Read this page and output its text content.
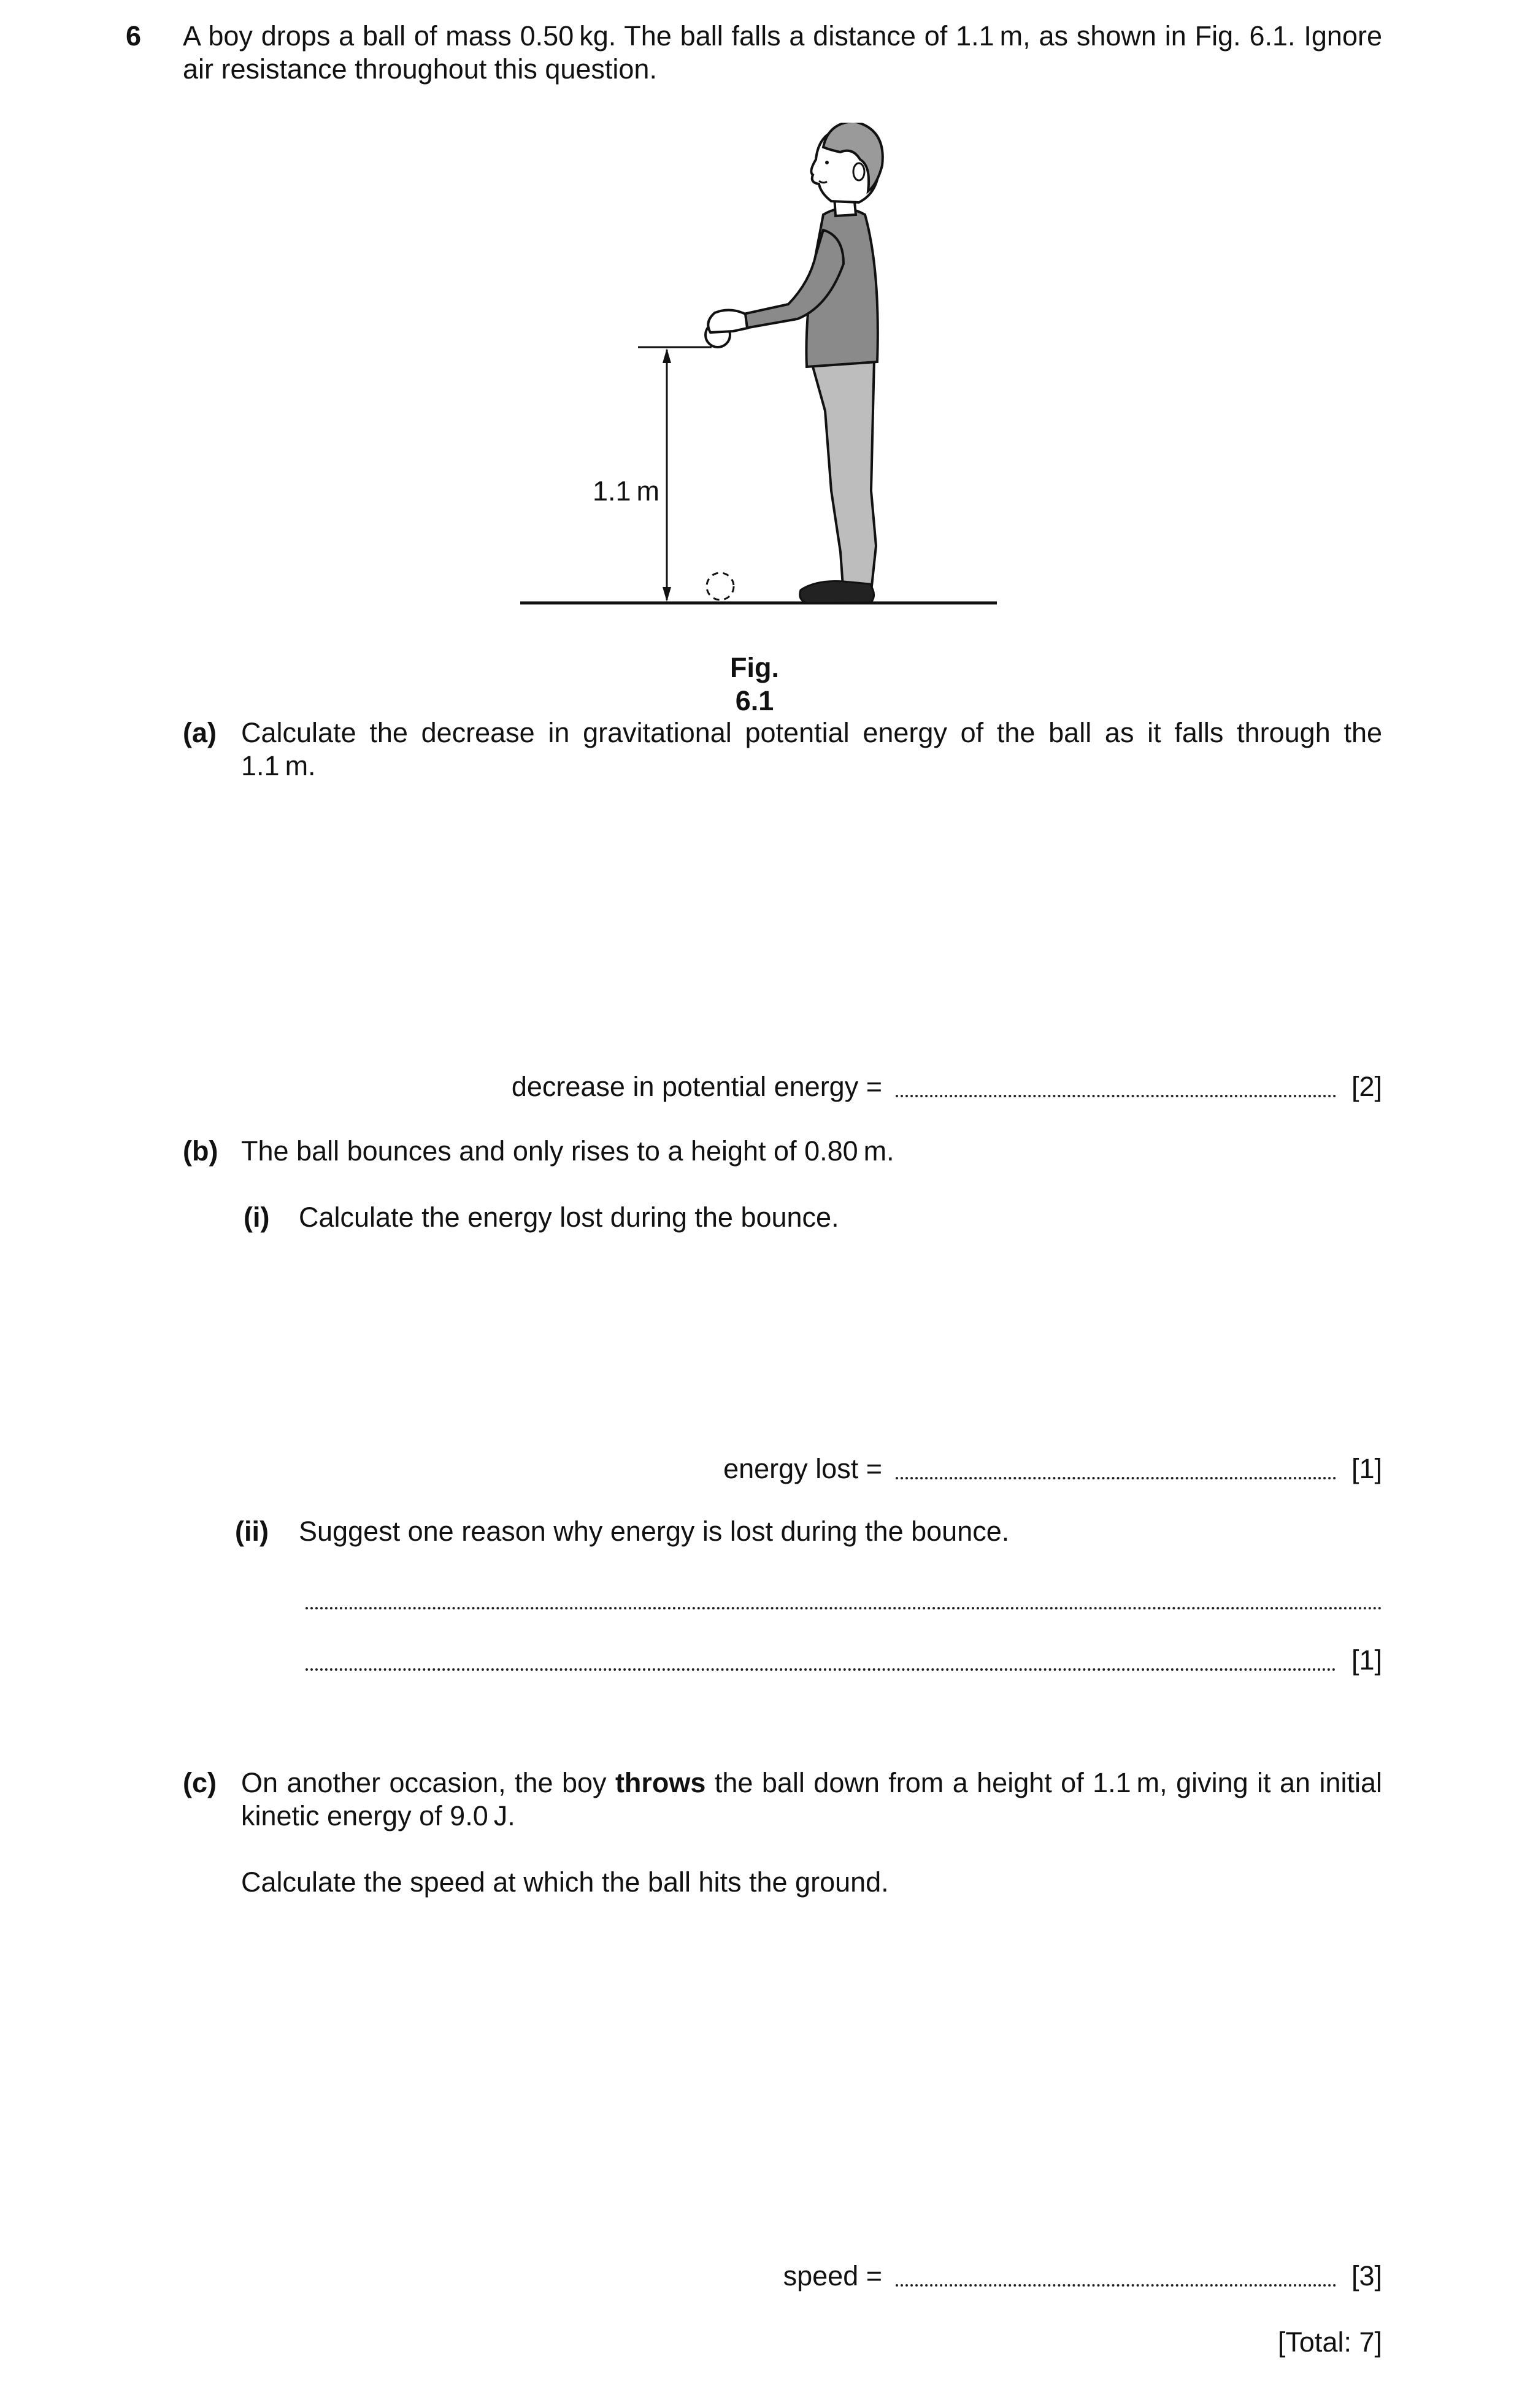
6 A boy drops a ball of mass 0.50 kg. The ball falls a distance of 1.1 m, as shown in Fig. 6.1. Ignore air resistance throughout this question.
1.1 m
Fig. 6.1
(a) Calculate the decrease in gravitational potential energy of the ball as it falls through the 1.1 m.
decrease in potential energy =	[2]
(b) The ball bounces and only rises to a height of 0.80 m.
(i) Calculate the energy lost during the bounce.
energy lost =	[1]
(ii) Suggest one reason why energy is lost during the bounce.
[1]
(c) On another occasion, the boy throws the ball down from a height of 1.1 m, giving it an initial kinetic energy of 9.0 J.
Calculate the speed at which the ball hits the ground.
speed =	[3]
[Total: 7]
